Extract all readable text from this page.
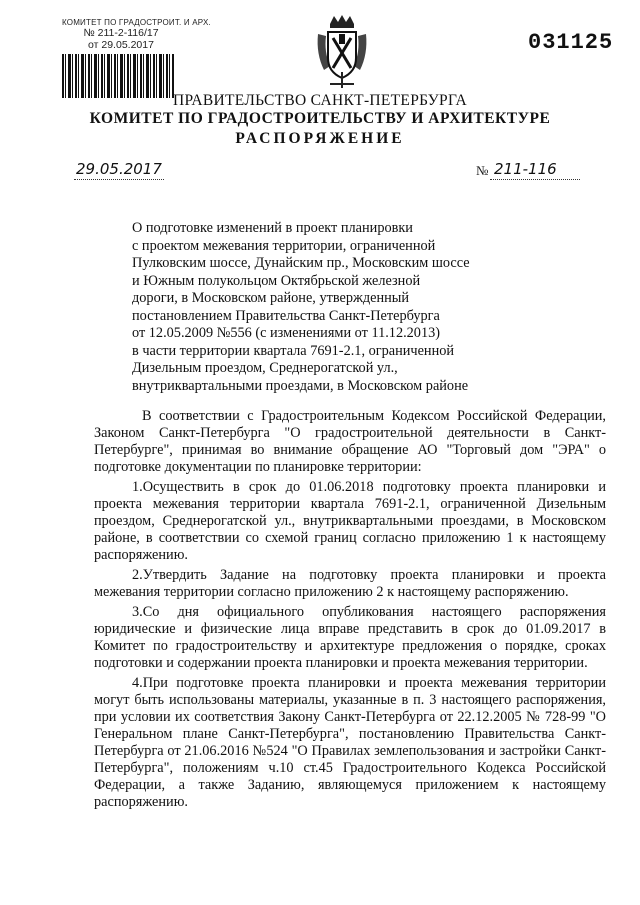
КОМИТЕТ ПО ГРАДОСТРОИТ. И АРХ.
№ 211-2-116/17
от 29.05.2017	031125
ПРАВИТЕЛЬСТВО САНКТ-ПЕТЕРБУРГА
КОМИТЕТ ПО ГРАДОСТРОИТЕЛЬСТВУ И АРХИТЕКТУРЕ
РАСПОРЯЖЕНИЕ
29.05.2017	№ 211-116
О подготовке изменений в проект планировки
с проектом межевания территории, ограниченной
Пулковским шоссе, Дунайским пр., Московским шоссе
и Южным полукольцом Октябрьской железной
дороги, в Московском районе, утвержденный
постановлением Правительства Санкт-Петербурга
от 12.05.2009 №556 (с изменениями от 11.12.2013)
в части территории квартала 7691-2.1, ограниченной
Дизельным проездом, Среднерогатской ул.,
внутриквартальными проездами, в Московском районе

В соответствии с Градостроительным Кодексом Российской Федерации, Законом Санкт-Петербурга "О градостроительной деятельности в Санкт-Петербурге", принимая во внимание обращение АО "Торговый дом "ЭРА" о подготовке документации по планировке территории:

1.Осуществить в срок до 01.06.2018 подготовку проекта планировки и проекта межевания территории квартала 7691-2.1, ограниченной Дизельным проездом, Среднерогатской ул., внутриквартальными проездами, в Московском районе, в соответствии со схемой границ согласно приложению 1 к настоящему распоряжению.

2.Утвердить Задание на подготовку проекта планировки и проекта межевания территории согласно приложению 2 к настоящему распоряжению.

3.Со дня официального опубликования настоящего распоряжения юридические и физические лица вправе представить в срок до 01.09.2017 в Комитет по градостроительству и архитектуре предложения о порядке, сроках подготовки и содержании проекта планировки и проекта межевания территории.

4.При подготовке проекта планировки и проекта межевания территории могут быть использованы материалы, указанные в п. 3 настоящего распоряжения, при условии их соответствия Закону Санкт-Петербурга от 22.12.2005 № 728-99 "О Генеральном плане Санкт-Петербурга", постановлению Правительства Санкт-Петербурга от 21.06.2016 №524 "О Правилах землепользования и застройки Санкт-Петербурга", положениям ч.10 ст.45 Градостроительного Кодекса Российской Федерации, а также Заданию, являющемуся приложением к настоящему распоряжению.
